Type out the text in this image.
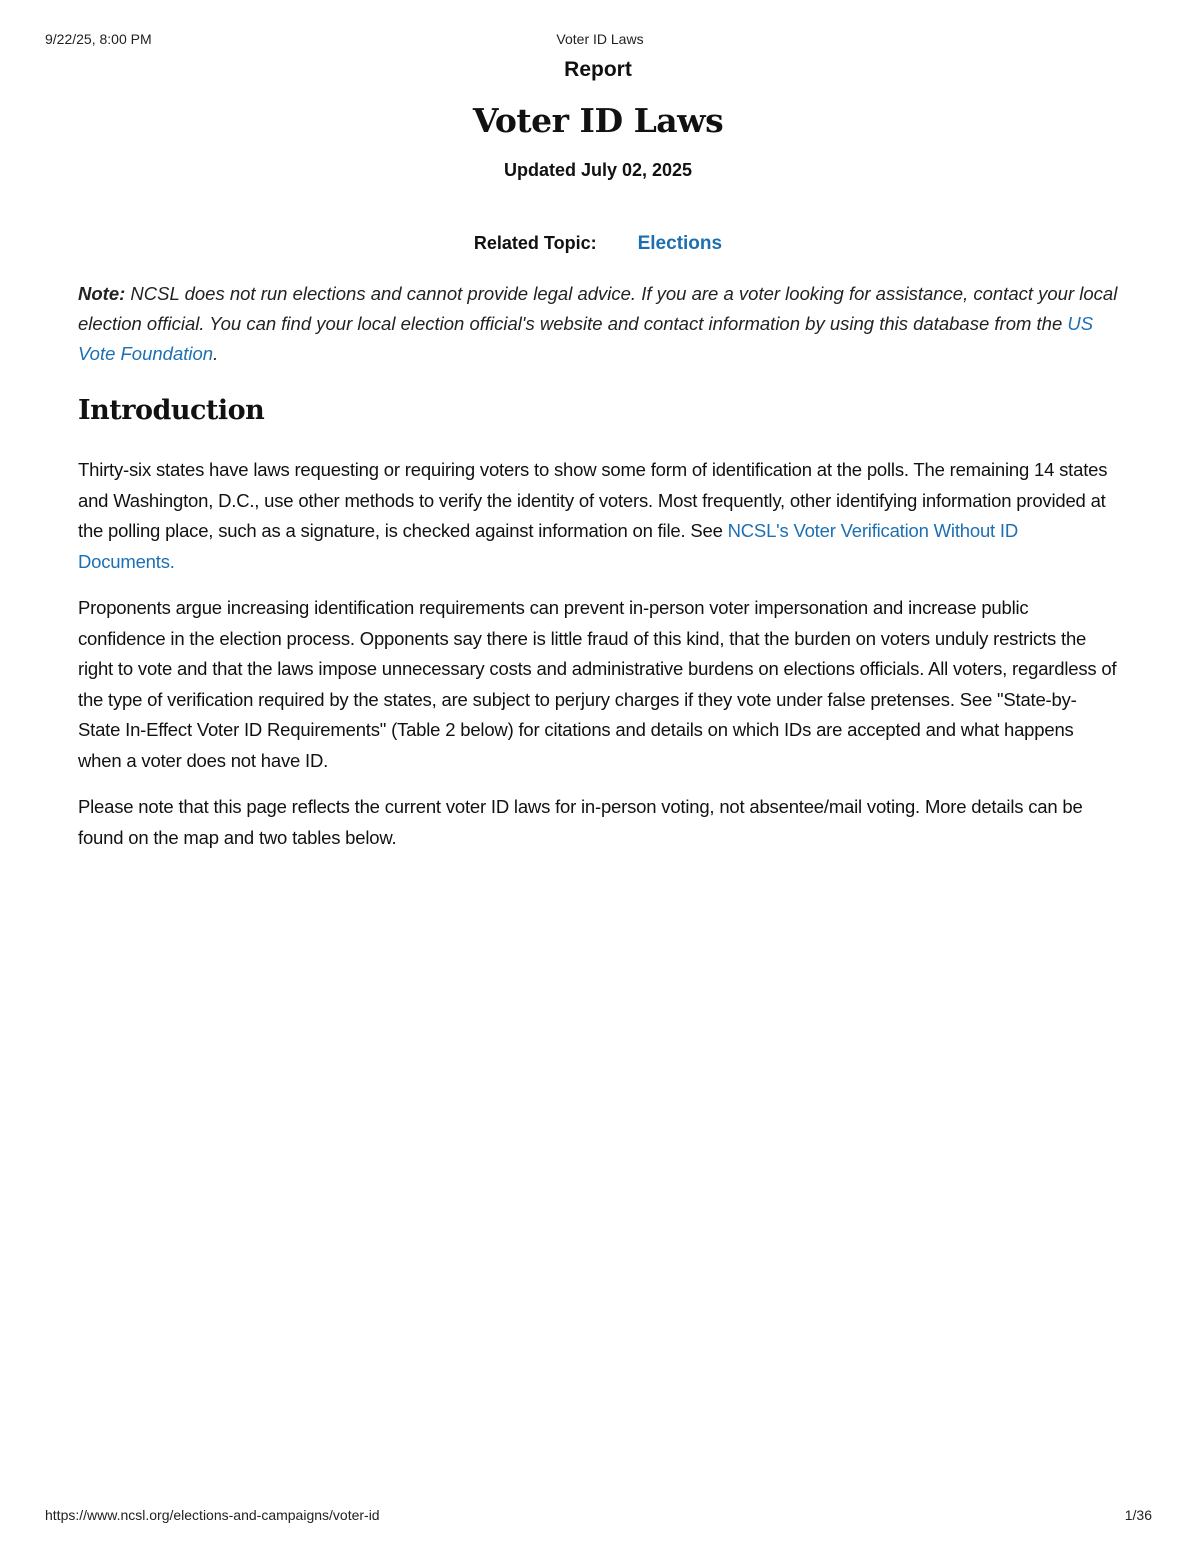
Voter ID Laws
9/22/25, 8:00 PM

Report

Voter ID Laws

Updated July 02, 2025

Related Topic: Elections

Note: NCSL does not run elections and cannot provide legal advice. If you are a voter looking for assistance, contact your local election official. You can find your local election official's website and contact information by using this database from the US Vote Foundation.

Introduction

Thirty-six states have laws requesting or requiring voters to show some form of identification at the polls. The remaining 14 states and Washington, D.C., use other methods to verify the identity of voters. Most frequently, other identifying information provided at the polling place, such as a signature, is checked against information on file. See NCSL's Voter Verification Without ID Documents.

Proponents argue increasing identification requirements can prevent in-person voter impersonation and increase public confidence in the election process. Opponents say there is little fraud of this kind, that the burden on voters unduly restricts the right to vote and that the laws impose unnecessary costs and administrative burdens on elections officials. All voters, regardless of the type of verification required by the states, are subject to perjury charges if they vote under false pretenses. See "State-by-State In-Effect Voter ID Requirements" (Table 2 below) for citations and details on which IDs are accepted and what happens when a voter does not have ID.

Please note that this page reflects the current voter ID laws for in-person voting, not absentee/mail voting. More details can be found on the map and two tables below.

https://www.ncsl.org/elections-and-campaigns/voter-id	1/36
